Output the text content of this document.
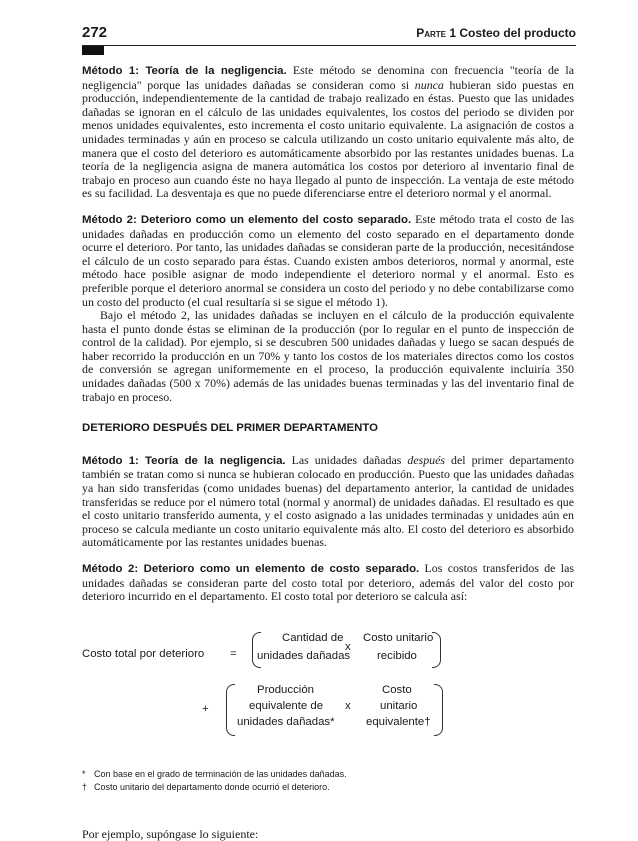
272	Parte 1 Costeo del producto

Método 1: Teoría de la negligencia. Este método se denomina con frecuencia "teoría de la negligencia" porque las unidades dañadas se consideran como si nunca hubieran sido puestas en producción, independientemente de la cantidad de trabajo realizado en éstas. Puesto que las unidades dañadas se ignoran en el cálculo de las unidades equivalentes, los costos del periodo se dividen por menos unidades equivalentes, esto incrementa el costo unitario equivalente. La asignación de costos a unidades terminadas y aún en proceso se calcula utilizando un costo unitario equivalente más alto, de manera que el costo del deterioro es automáticamente absorbido por las restantes unidades buenas. La teoría de la negligencia asigna de manera automática los costos por deterioro al inventario final de trabajo en proceso aun cuando éste no haya llegado al punto de inspección. La ventaja de este método es su facilidad. La desventaja es que no puede diferenciarse entre el deterioro normal y el anormal.

Método 2: Deterioro como un elemento del costo separado. Este método trata el costo de las unidades dañadas en producción como un elemento del costo separado en el departamento donde ocurre el deterioro. Por tanto, las unidades dañadas se consideran parte de la producción, necesitándose el cálculo de un costo separado para éstas. Cuando existen ambos deterioros, normal y anormal, este método hace posible asignar de modo independiente el deterioro normal y el anormal. Esto es preferible porque el deterioro anormal se considera un costo del periodo y no debe contabilizarse como un costo del producto (el cual resultaría si se sigue el método 1).

Bajo el método 2, las unidades dañadas se incluyen en el cálculo de la producción equivalente hasta el punto donde éstas se eliminan de la producción (por lo regular en el punto de inspección de control de la calidad). Por ejemplo, si se descubren 500 unidades dañadas y luego se sacan después de haber recorrido la producción en un 70% y tanto los costos de los materiales directos como los costos de conversión se agregan uniformemente en el proceso, la producción equivalente incluiría 350 unidades dañadas (500 x 70%) además de las unidades buenas terminadas y las del inventario final de trabajo en proceso.

DETERIORO DESPUÉS DEL PRIMER DEPARTAMENTO

Método 1: Teoría de la negligencia. Las unidades dañadas después del primer departamento también se tratan como si nunca se hubieran colocado en producción. Puesto que las unidades dañadas ya han sido transferidas (como unidades buenas) del departamento anterior, la cantidad de unidades transferidas se reduce por el número total (normal y anormal) de unidades dañadas. El resultado es que el costo unitario transferido aumenta, y el costo asignado a las unidades terminadas y unidades aún en proceso se calcula mediante un costo unitario equivalente más alto. El costo del deterioro es absorbido automáticamente por las restantes unidades buenas.

Método 2: Deterioro como un elemento de costo separado. Los costos transferidos de las unidades dañadas se consideran parte del costo total por deterioro, además del valor del costo por deterioro incurrido en el departamento. El costo total por deterioro se calcula así:

Costo total por deterioro =
Cantidad de
unidades dañadas
x
Costo unitario
recibido
+
Producción
equivalente de
unidades dañadas*
x
Costo
unitario
equivalente†
* Con base en el grado de terminación de las unidades dañadas.
† Costo unitario del departamento donde ocurrió el deterioro.

Por ejemplo, supóngase lo siguiente:
